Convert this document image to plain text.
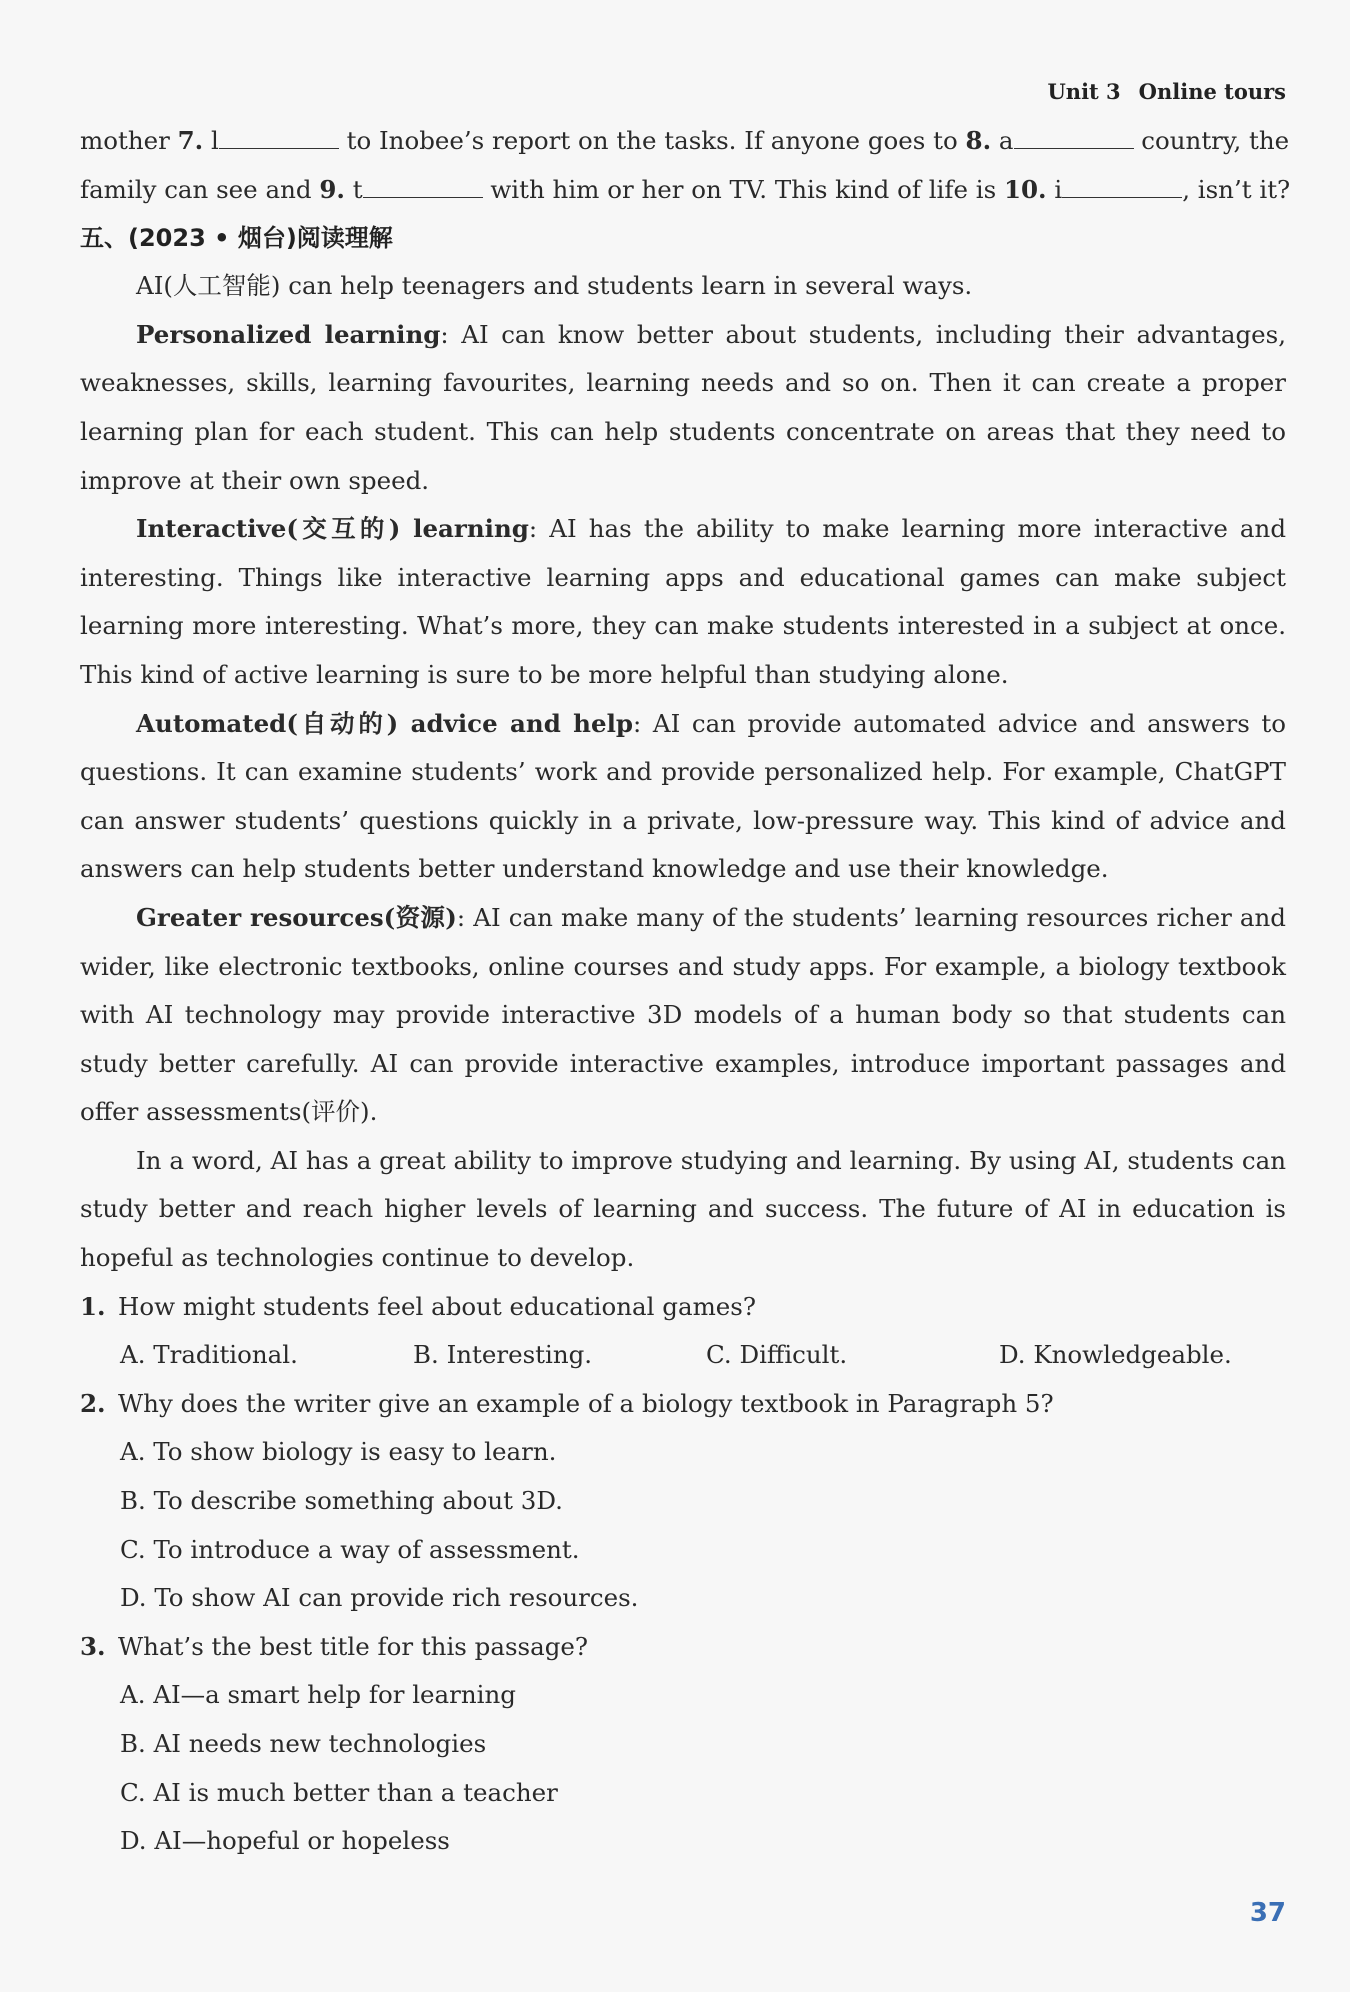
Unit 3 Online tours
mother 7. l	to Inobee’s report on the tasks. If anyone goes to 8. a	country, the
family can see and 9. t	with him or her on TV. This kind of life is 10. i	, isn’t it?
五、(2023 • 烟台)阅读理解
AI(人工智能) can help teenagers and students learn in several ways.
Personalized learning: AI can know better about students, including their advantages, weaknesses, skills, learning favourites, learning needs and so on. Then it can create a proper learning plan for each student. This can help students concentrate on areas that they need to improve at their own speed.
Interactive(交互的) learning: AI has the ability to make learning more interactive and interesting. Things like interactive learning apps and educational games can make subject learning more interesting. What’s more, they can make students interested in a subject at once. This kind of active learning is sure to be more helpful than studying alone.
Automated(自动的) advice and help: AI can provide automated advice and answers to questions. It can examine students’ work and provide personalized help. For example, ChatGPT can answer students’ questions quickly in a private, low-pressure way. This kind of advice and answers can help students better understand knowledge and use their knowledge.
Greater resources(资源): AI can make many of the students’ learning resources richer and wider, like electronic textbooks, online courses and study apps. For example, a biology textbook with AI technology may provide interactive 3D models of a human body so that students can study better carefully. AI can provide interactive examples, introduce important passages and offer assessments(评价).
In a word, AI has a great ability to improve studying and learning. By using AI, students can study better and reach higher levels of learning and success. The future of AI in education is hopeful as technologies continue to develop.
1. How might students feel about educational games?
A. Traditional.	B. Interesting.	C. Difficult.	D. Knowledgeable.
2. Why does the writer give an example of a biology textbook in Paragraph 5?
A. To show biology is easy to learn.
B. To describe something about 3D.
C. To introduce a way of assessment.
D. To show AI can provide rich resources.
3. What’s the best title for this passage?
A. AI—a smart help for learning
B. AI needs new technologies
C. AI is much better than a teacher
D. AI—hopeful or hopeless
37
